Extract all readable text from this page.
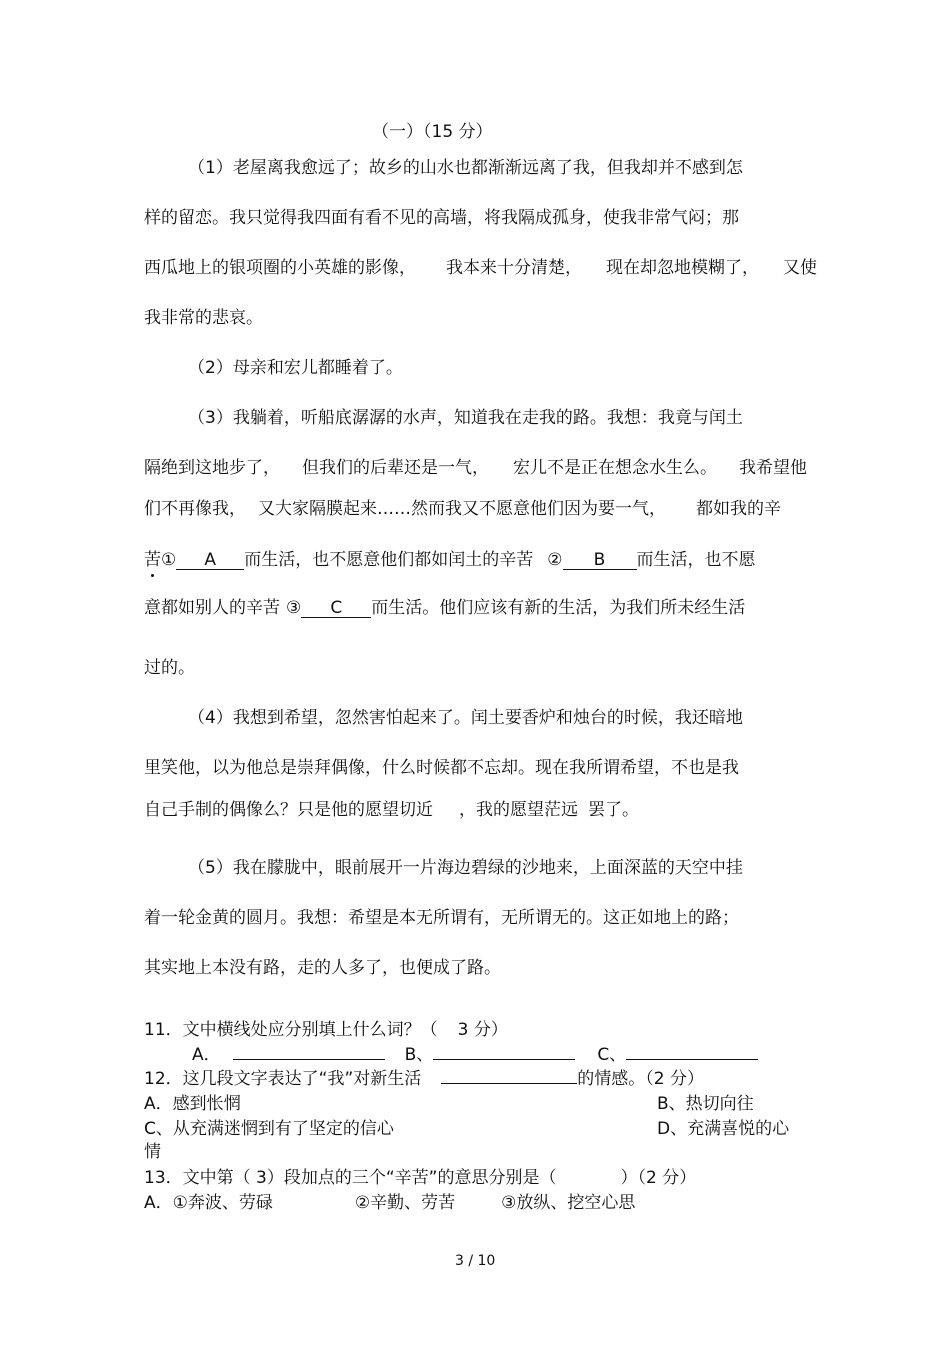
（一）（15 分）
（1）老屋离我愈远了；故乡的山水也都渐渐远离了我，但我却并不感到怎
样的留恋。我只觉得我四面有看不见的高墙，将我隔成孤身，使我非常气闷；那
西瓜地上的银项圈的小英雄的影像， 我本来十分清楚， 现在却忽地模糊了， 又使
我非常的悲哀。
（2）母亲和宏儿都睡着了。
（3）我躺着，听船底潺潺的水声，知道我在走我的路。我想：我竟与闰土
隔绝到这地步了， 但我们的后辈还是一气， 宏儿不是正在想念水生么。 我希望他
们不再像我， 又大家隔膜起来……然而我又不愿意他们因为要一气， 都如我的辛
苦① A 而生活，也不愿意他们都如闰土的辛苦 ② B 而生活，也不愿
意都如别人的辛苦 ③ C 而生活。他们应该有新的生活，为我们所未经生活
过的。
（4）我想到希望，忽然害怕起来了。闰土要香炉和烛台的时候，我还暗地
里笑他，以为他总是崇拜偶像，什么时候都不忘却。现在我所谓希望，不也是我
自己手制的偶像么？只是他的愿望切近 ，我的愿望茫远 罢了。
（5）我在朦胧中，眼前展开一片海边碧绿的沙地来，上面深蓝的天空中挂
着一轮金黄的圆月。我想：希望是本无所谓有，无所谓无的。这正如地上的路；
其实地上本没有路，走的人多了，也便成了路。
11．文中横线处应分别填上什么词？（ 3 分）
A．	B、	C、
12．这几段文字表达了“我”对新生活	的情感。（2 分）
A．感到怅惘	B、热切向往
C、从充满迷惘到有了坚定的信心	D、充满喜悦的心
情
13．文中第（ 3）段加点的三个“辛苦”的意思分别是（	）（2 分）
A．①奔波、劳碌	②辛勤、劳苦	③放纵、挖空心思
3 / 10
